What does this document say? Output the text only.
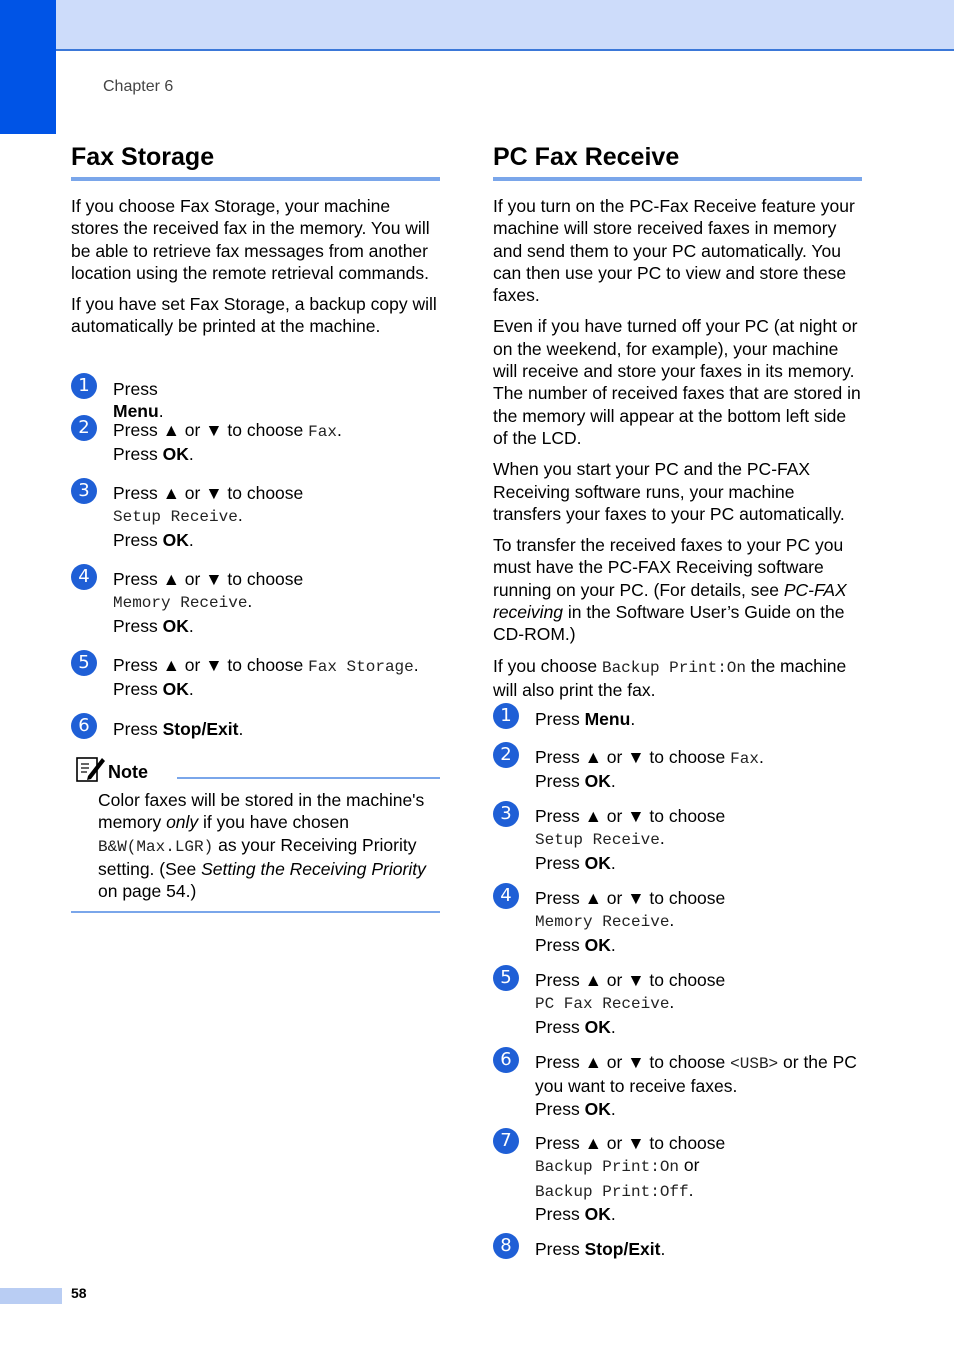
Chapter 6
Fax Storage

If you choose Fax Storage, your machine stores the received fax in the memory. You will be able to retrieve fax messages from another location using the remote retrieval commands.

If you have set Fax Storage, a backup copy will automatically be printed at the machine.

1	Press Menu.
2	Press ▲ or ▼ to choose Fax.
Press OK.
3	Press ▲ or ▼ to choose
Setup Receive.
Press OK.
4	Press ▲ or ▼ to choose
Memory Receive.
Press OK.
5	Press ▲ or ▼ to choose Fax Storage.
Press OK.
6	Press Stop/Exit.
Note

Color faxes will be stored in the machine's memory only if you have chosen B&W(Max.LGR) as your Receiving Priority setting. (See Setting the Receiving Priority on page 54.)

PC Fax Receive

If you turn on the PC-Fax Receive feature your machine will store received faxes in memory and send them to your PC automatically. You can then use your PC to view and store these faxes.

Even if you have turned off your PC (at night or on the weekend, for example), your machine will receive and store your faxes in its memory. The number of received faxes that are stored in the memory will appear at the bottom left side of the LCD.

When you start your PC and the PC-FAX Receiving software runs, your machine transfers your faxes to your PC automatically.

To transfer the received faxes to your PC you must have the PC-FAX Receiving software running on your PC. (For details, see PC-FAX receiving in the Software User’s Guide on the CD-ROM.)

If you choose Backup Print:On the machine will also print the fax.

1	Press Menu.
2	Press ▲ or ▼ to choose Fax.
Press OK.
3	Press ▲ or ▼ to choose
Setup Receive.
Press OK.
4	Press ▲ or ▼ to choose
Memory Receive.
Press OK.
5	Press ▲ or ▼ to choose
PC Fax Receive.
Press OK.
6	Press ▲ or ▼ to choose <USB> or the PC
you want to receive faxes.
Press OK.
7	Press ▲ or ▼ to choose
Backup Print:On or
Backup Print:Off.
Press OK.
8	Press Stop/Exit.
58
